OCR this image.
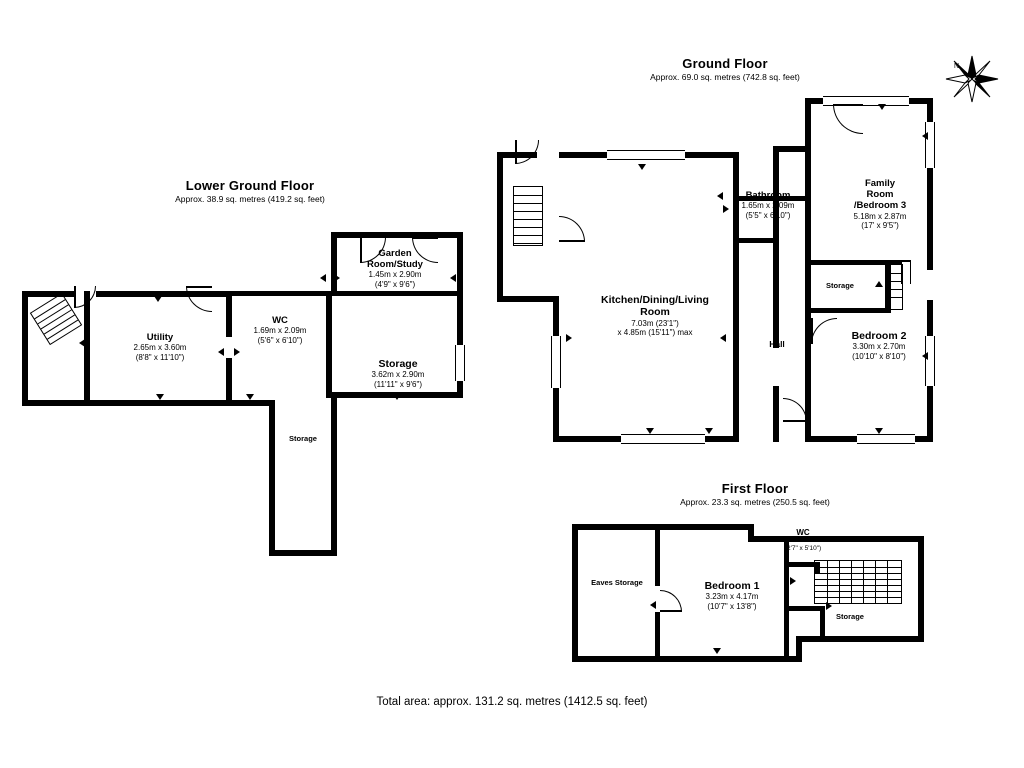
Lower Ground Floor
Approx. 38.9 sq. metres (419.2 sq. feet)
Utility
2.65m x 3.60m
(8'8" x 11'10")
WC
1.69m x 2.09m
(5'6" x 6'10")
Garden
Room/Study
1.45m x 2.90m
(4'9" x 9'6")
Storage
3.62m x 2.90m
(11'11" x 9'6")
Storage
Ground Floor
Approx. 69.0 sq. metres (742.8 sq. feet)
Kitchen/Dining/Living
Room
7.03m (23'1")
x 4.85m (15'11") max
Bathroom
1.65m x 2.09m
(5'5" x 6'10")
Family
Room
/Bedroom 3
5.18m x 2.87m
(17' x 9'5")
Bedroom 2
3.30m x 2.70m
(10'10" x 8'10")
Hall
Storage
First Floor
Approx. 23.3 sq. metres (250.5 sq. feet)
Bedroom 1
3.23m x 4.17m
(10'7" x 13'8")
WC
0.79m x 1.79m
(2'7" x 5'10")
Eaves Storage
Storage
N
Total area: approx. 131.2 sq. metres (1412.5 sq. feet)
